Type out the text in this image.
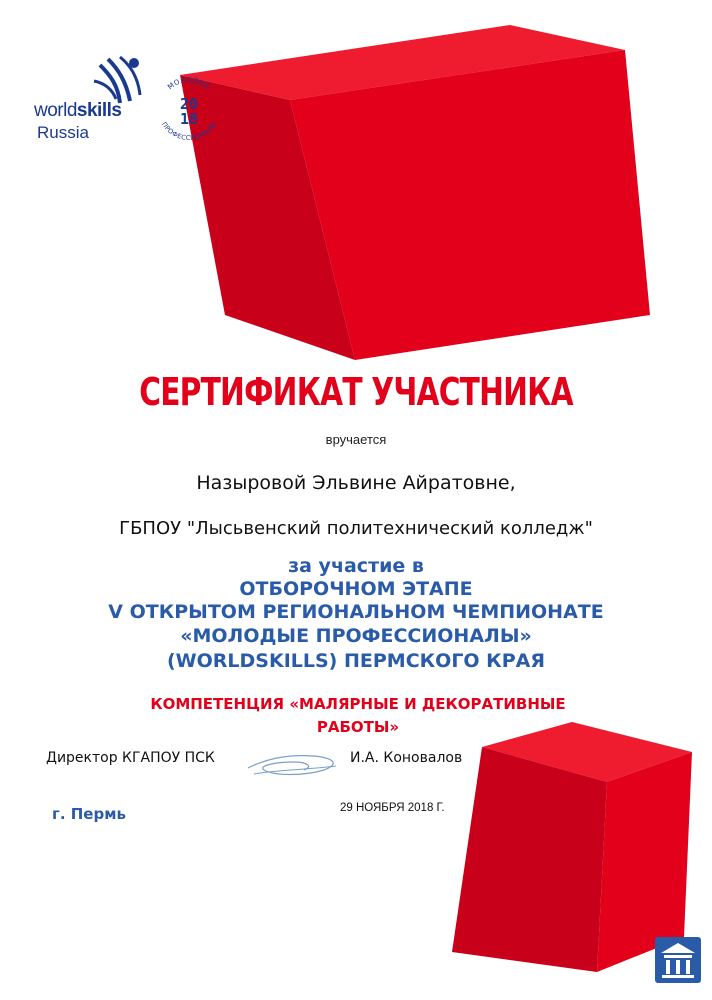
worldskills
Russia
МОЛОДЫЕ
ПРОФЕССИОНАЛЫ
20
18
СЕРТИФИКАТ УЧАСТНИКА
вручается
Назыровой Эльвине Айратовне,
ГБПОУ "Лысьвенский политехнический колледж"
за участие в
ОТБОРОЧНОМ ЭТАПЕ
V ОТКРЫТОМ РЕГИОНАЛЬНОМ ЧЕМПИОНАТЕ
«МОЛОДЫЕ ПРОФЕССИОНАЛЫ»
(WORLDSKILLS) ПЕРМСКОГО КРАЯ
КОМПЕТЕНЦИЯ «МАЛЯРНЫЕ И ДЕКОРАТИВНЫЕ
РАБОТЫ»
Директор КГАПОУ ПСК	И.А. Коновалов
г. Пермь	29 НОЯБРЯ 2018 Г.
